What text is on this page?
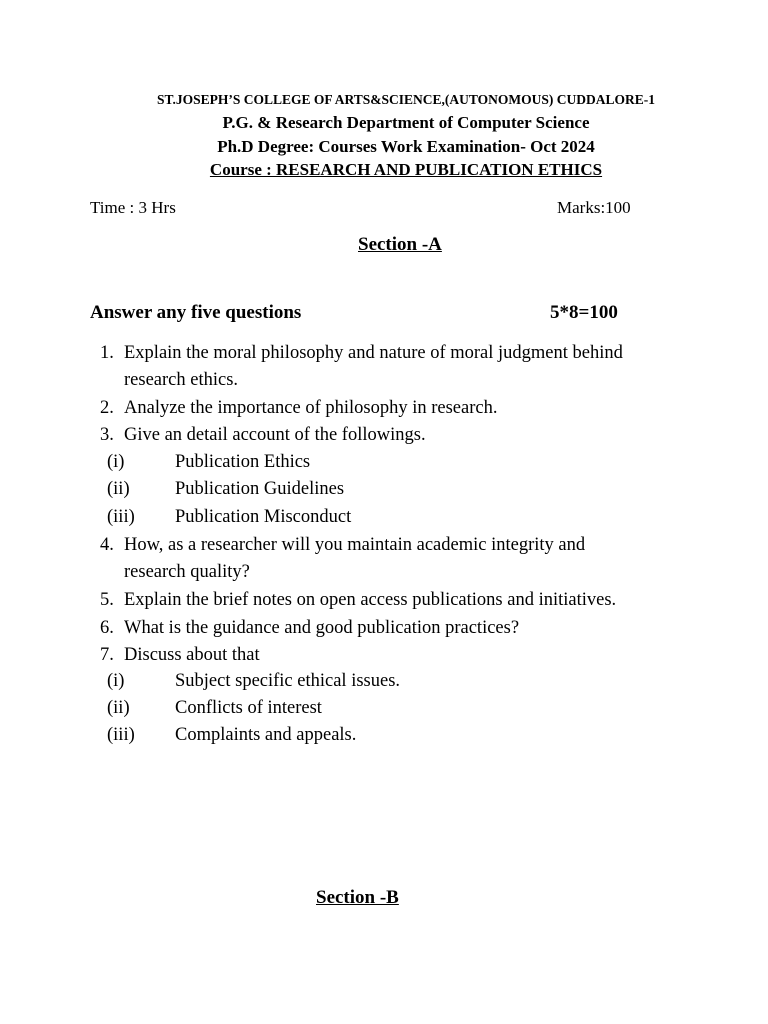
ST.JOSEPH’S COLLEGE OF ARTS&SCIENCE,(AUTONOMOUS) CUDDALORE-1
P.G. & Research Department of Computer Science
Ph.D Degree: Courses Work Examination- Oct 2024
Course : RESEARCH AND PUBLICATION ETHICS
Time : 3 Hrs	Marks:100
Section -A
Answer any five questions	5*8=100
1. Explain the moral philosophy and nature of moral judgment behind research ethics.
2. Analyze the importance of philosophy in research.
3. Give an detail account of the followings.
(i)	Publication Ethics
(ii) Publication Guidelines
(iii) Publication Misconduct
4. How, as a researcher will you maintain academic integrity and research quality?
5. Explain the brief notes on open access publications and initiatives.
6. What is the guidance and good publication practices?
7. Discuss about that
(i)	Subject specific ethical issues.
(ii) Conflicts of interest
(iii) Complaints and appeals.
Section -B
